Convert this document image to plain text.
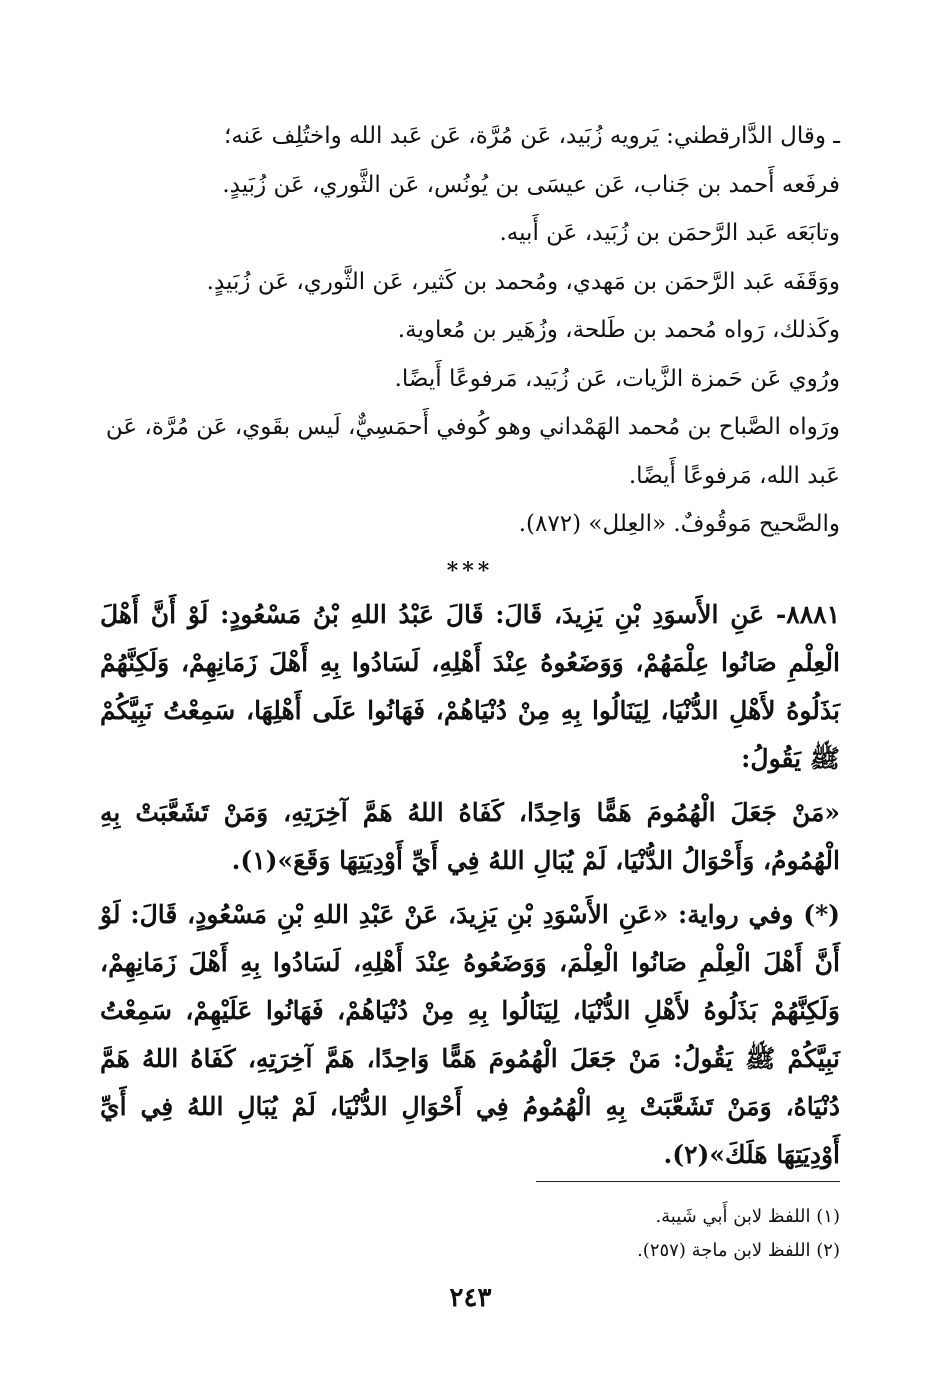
ـ وقال الدَّارقطني: يَرويه زُبَيد، عَن مُرَّة، عَن عَبد الله واختُلِف عَنه؛

فرفَعه أَحمد بن جَناب، عَن عيسَى بن يُونُس، عَن الثَّوري، عَن زُبَيدٍ.

وتابَعَه عَبد الرَّحمَن بن زُبَيد، عَن أَبيه.

ووَقَفَه عَبد الرَّحمَن بن مَهدي، ومُحمد بن كَثير، عَن الثَّوري، عَن زُبَيدٍ.

وكَذلك، رَواه مُحمد بن طَلحة، وزُهَير بن مُعاوية.

ورُوي عَن حَمزة الزَّيات، عَن زُبَيد، مَرفوعًا أَيضًا.

ورَواه الصَّباح بن مُحمد الهَمْداني وهو كُوفي أَحمَسِيٌّ، لَيس بقَوي، عَن مُرَّة، عَن

عَبد الله، مَرفوعًا أَيضًا.

والصَّحيح مَوقُوفٌ. «العِلل» (٨٧٢).

***

٨٨٨١- عَنِ الأَسوَدِ بْنِ يَزِيدَ، قَالَ: قَالَ عَبْدُ اللهِ بْنُ مَسْعُودٍ: لَوْ أَنَّ أَهْلَ الْعِلْمِ صَانُوا عِلْمَهُمْ، وَوَضَعُوهُ عِنْدَ أَهْلِهِ، لَسَادُوا بِهِ أَهْلَ زَمَانِهِمْ، وَلَكِنَّهُمْ بَذَلُوهُ لأَهْلِ الدُّنْيَا، لِيَنَالُوا بِهِ مِنْ دُنْيَاهُمْ، فَهَانُوا عَلَى أَهْلِهَا، سَمِعْتُ نَبِيَّكُمْ ﷺ يَقُولُ:

«مَنْ جَعَلَ الْهُمُومَ هَمًّا وَاحِدًا، كَفَاهُ اللهُ هَمَّ آخِرَتِهِ، وَمَنْ تَشَعَّبَتْ بِهِ الْهُمُومُ، وَأَحْوَالُ الدُّنْيَا، لَمْ يُبَالِ اللهُ فِي أَيِّ أَوْدِيَتِهَا وَقَعَ»(١).

(*) وفي رواية: «عَنِ الأَسْوَدِ بْنِ يَزِيدَ، عَنْ عَبْدِ اللهِ بْنِ مَسْعُودٍ، قَالَ: لَوْ أَنَّ أَهْلَ الْعِلْمِ صَانُوا الْعِلْمَ، وَوَضَعُوهُ عِنْدَ أَهْلِهِ، لَسَادُوا بِهِ أَهْلَ زَمَانِهِمْ، وَلَكِنَّهُمْ بَذَلُوهُ لأَهْلِ الدُّنْيَا، لِيَنَالُوا بِهِ مِنْ دُنْيَاهُمْ، فَهَانُوا عَلَيْهِمْ، سَمِعْتُ نَبِيَّكُمْ ﷺ يَقُولُ: مَنْ جَعَلَ الْهُمُومَ هَمًّا وَاحِدًا، هَمَّ آخِرَتِهِ، كَفَاهُ اللهُ هَمَّ دُنْيَاهُ، وَمَنْ تَشَعَّبَتْ بِهِ الْهُمُومُ فِي أَحْوَالِ الدُّنْيَا، لَمْ يُبَالِ اللهُ فِي أَيِّ أَوْدِيَتِهَا هَلَكَ»(٢).

(١) اللفظ لابن أَبي شَيبة.

(٢) اللفظ لابن ماجة (٢٥٧).

٢٤٣
